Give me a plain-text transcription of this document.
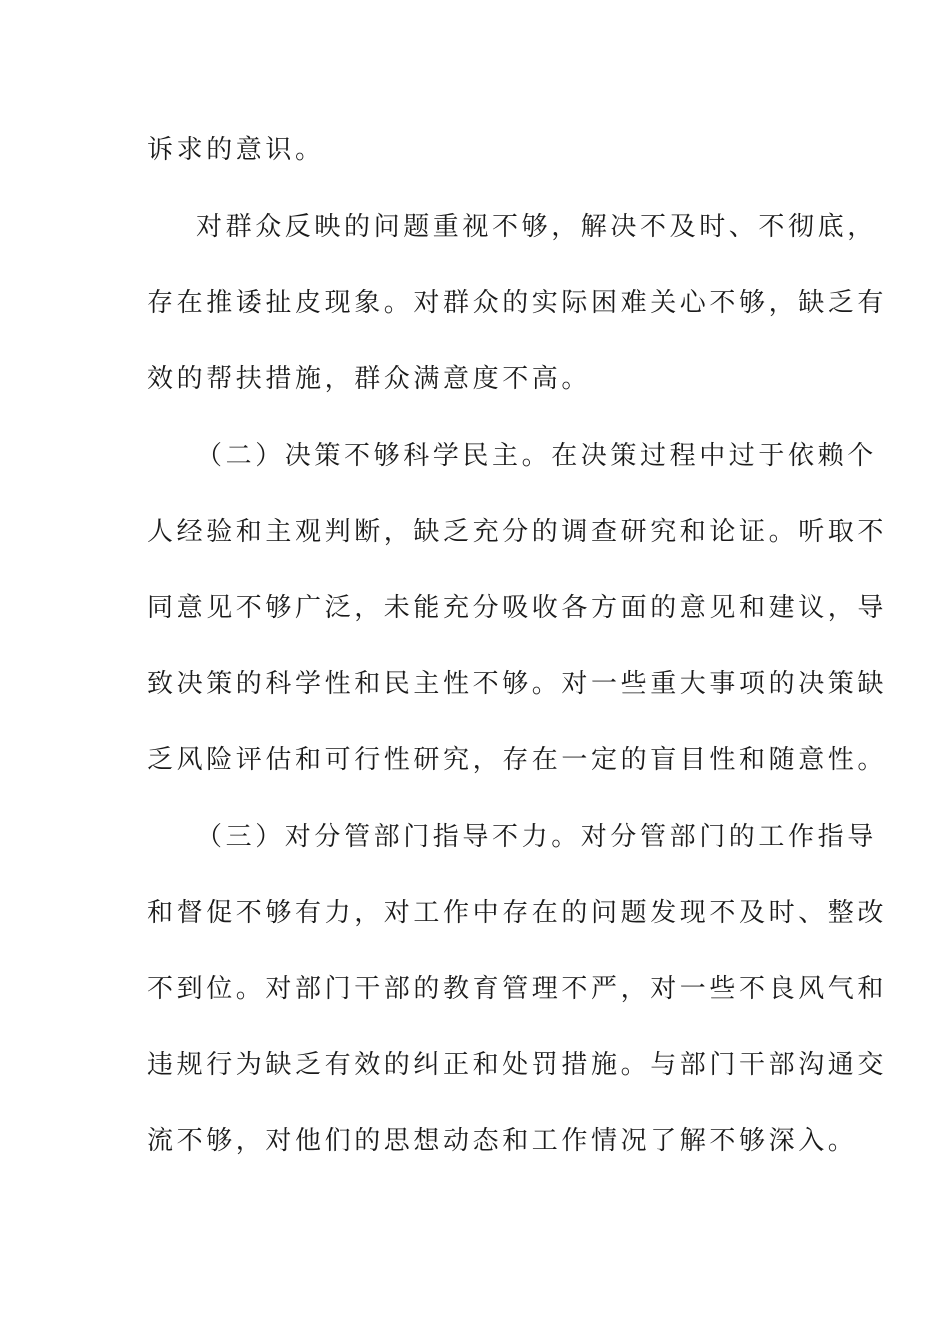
诉求的意识。
对群众反映的问题重视不够，解决不及时、不彻底，
存在推诿扯皮现象。对群众的实际困难关心不够，缺乏有
效的帮扶措施，群众满意度不高。
（二）决策不够科学民主。在决策过程中过于依赖个
人经验和主观判断，缺乏充分的调查研究和论证。听取不
同意见不够广泛，未能充分吸收各方面的意见和建议，导
致决策的科学性和民主性不够。对一些重大事项的决策缺
乏风险评估和可行性研究，存在一定的盲目性和随意性。
（三）对分管部门指导不力。对分管部门的工作指导
和督促不够有力，对工作中存在的问题发现不及时、整改
不到位。对部门干部的教育管理不严，对一些不良风气和
违规行为缺乏有效的纠正和处罚措施。与部门干部沟通交
流不够，对他们的思想动态和工作情况了解不够深入。
